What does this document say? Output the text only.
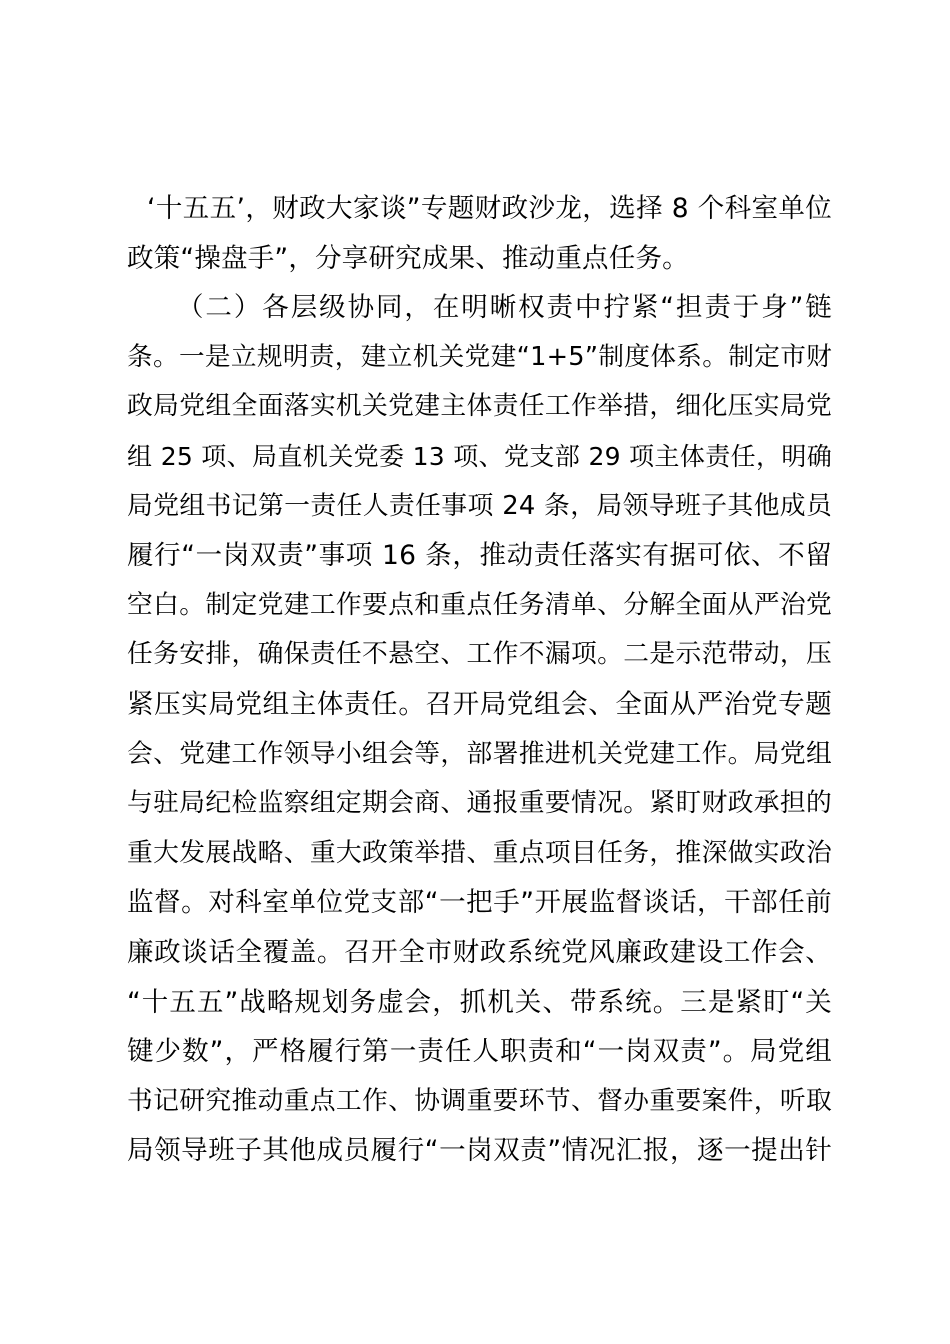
‘十五五’，财政大家谈”专题财政沙龙，选择 8 个科室单位
政策“操盘手”，分享研究成果、推动重点任务。
（二）各层级协同，在明晰权责中拧紧“担责于身”链
条。一是立规明责，建立机关党建“1+5”制度体系。制定市财
政局党组全面落实机关党建主体责任工作举措，细化压实局党
组 25 项、局直机关党委 13 项、党支部 29 项主体责任，明确
局党组书记第一责任人责任事项 24 条，局领导班子其他成员
履行“一岗双责”事项 16 条，推动责任落实有据可依、不留
空白。制定党建工作要点和重点任务清单、分解全面从严治党
任务安排，确保责任不悬空、工作不漏项。二是示范带动，压
紧压实局党组主体责任。召开局党组会、全面从严治党专题
会、党建工作领导小组会等，部署推进机关党建工作。局党组
与驻局纪检监察组定期会商、通报重要情况。紧盯财政承担的
重大发展战略、重大政策举措、重点项目任务，推深做实政治
监督。对科室单位党支部“一把手”开展监督谈话，干部任前
廉政谈话全覆盖。召开全市财政系统党风廉政建设工作会、
“十五五”战略规划务虚会，抓机关、带系统。三是紧盯“关
键少数”，严格履行第一责任人职责和“一岗双责”。局党组
书记研究推动重点工作、协调重要环节、督办重要案件，听取
局领导班子其他成员履行“一岗双责”情况汇报，逐一提出针
